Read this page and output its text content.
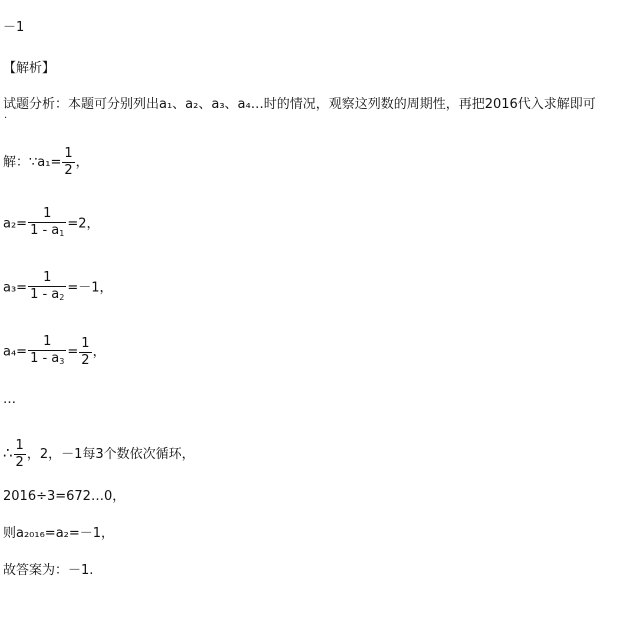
－1
【解析】
试题分析：本题可分别列出a₁、a₂、a₃、a₄…时的情况，观察这列数的周期性，再把2016代入求解即可
.
解：∵a₁= $\frac{1}{2}$ ，
$a_2= \frac{1}{1 - a_1} =2$，
$a_3= \frac{1}{1 - a_2} =-1$，
$a_4= \frac{1}{1 - a_3} = \frac{1}{2}$ ，
…
∴ $\frac{1}{2}$ ，2，－1每3个数依次循环，
2016÷3=672…0，
则a₂₀₁₆=a₂=－1，
故答案为：－1.
